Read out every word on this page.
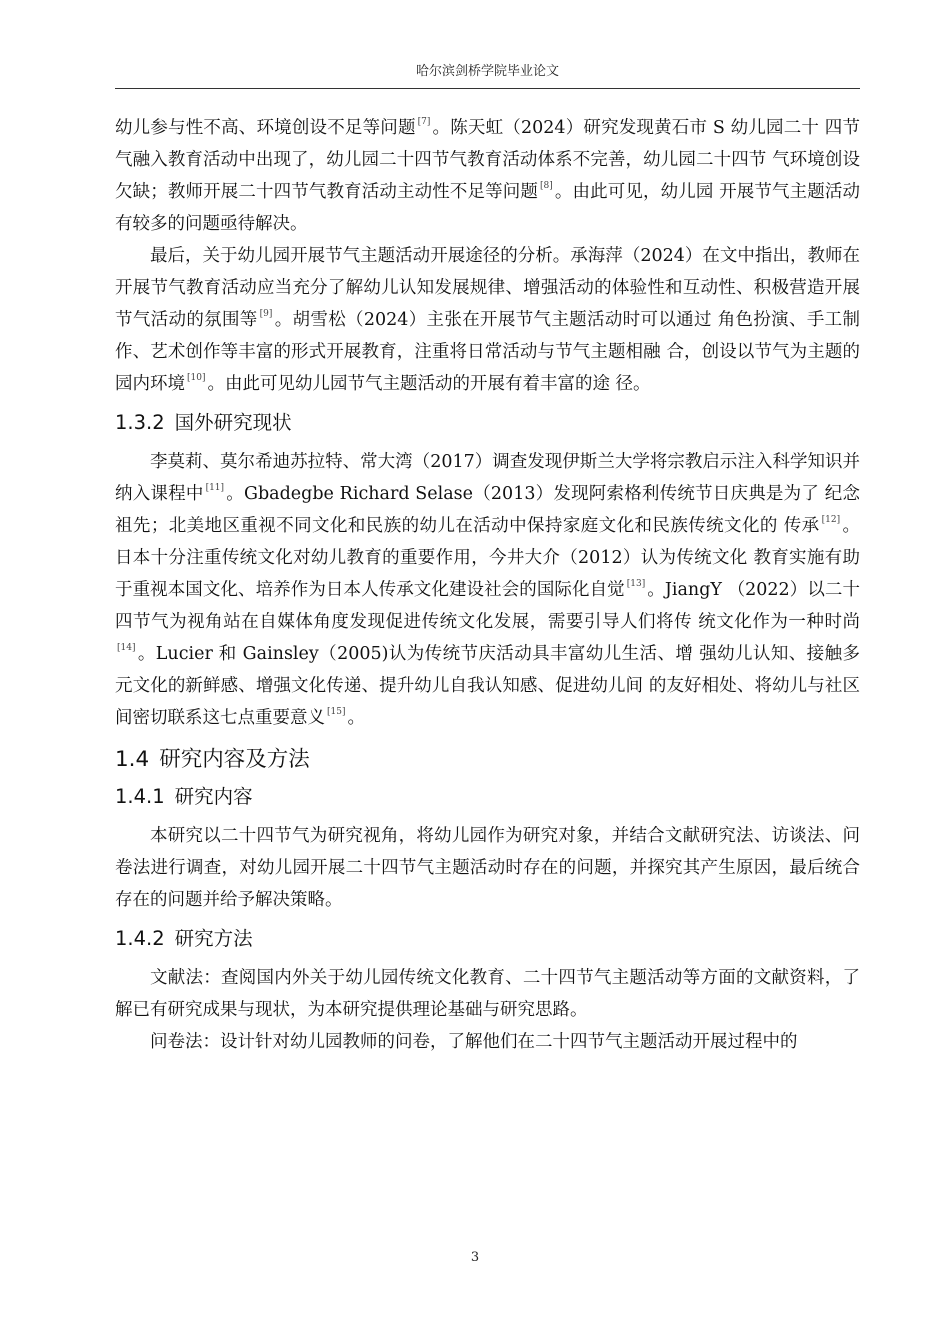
哈尔滨剑桥学院毕业论文

幼儿参与性不高、环境创设不足等问题 [7] 。陈天虹（2024）研究发现黄石市 S 幼儿园二十 四节气融入教育活动中出现了，幼儿园二十四节气教育活动体系不完善，幼儿园二十四节 气环境创设欠缺；教师开展二十四节气教育活动主动性不足等问题 [8] 。由此可见，幼儿园 开展节气主题活动有较多的问题亟待解决。

最后，关于幼儿园开展节气主题活动开展途径的分析。承海萍（2024）在文中指出，教师在开展节气教育活动应当充分了解幼儿认知发展规律、增强活动的体验性和互动性、积极营造开展节气活动的氛围等 [9] 。胡雪松（2024）主张在开展节气主题活动时可以通过 角色扮演、手工制作、艺术创作等丰富的形式开展教育，注重将日常活动与节气主题相融 合，创设以节气为主题的园内环境 [10] 。由此可见幼儿园节气主题活动的开展有着丰富的途 径。

1.3.2 国外研究现状

李莫莉、莫尔希迪苏拉特、常大湾（2017）调查发现伊斯兰大学将宗教启示注入科学知识并纳入课程中 [11] 。Gbadegbe Richard Selase（2013）发现阿索格利传统节日庆典是为了 纪念祖先；北美地区重视不同文化和民族的幼儿在活动中保持家庭文化和民族传统文化的 传承 [12] 。 日本十分注重传统文化对幼儿教育的重要作用，今井大介（2012）认为传统文化 教育实施有助于重视本国文化、培养作为日本人传承文化建设社会的国际化自觉 [13] 。JiangY （2022）以二十四节气为视角站在自媒体角度发现促进传统文化发展，需要引导人们将传 统文化作为一种时尚[14] 。Lucier 和 Gainsley（2005)认为传统节庆活动具丰富幼儿生活、增 强幼儿认知、接触多元文化的新鲜感、增强文化传递、提升幼儿自我认知感、促进幼儿间 的友好相处、将幼儿与社区间密切联系这七点重要意义 [15] 。

1.4 研究内容及方法
1.4.1 研究内容

本研究以二十四节气为研究视角，将幼儿园作为研究对象，并结合文献研究法、访谈法、问卷法进行调查，对幼儿园开展二十四节气主题活动时存在的问题，并探究其产生原因，最后统合存在的问题并给予解决策略。

1.4.2 研究方法

文献法：查阅国内外关于幼儿园传统文化教育、二十四节气主题活动等方面的文献资料，了解已有研究成果与现状，为本研究提供理论基础与研究思路。

问卷法：设计针对幼儿园教师的问卷，了解他们在二十四节气主题活动开展过程中的

3
